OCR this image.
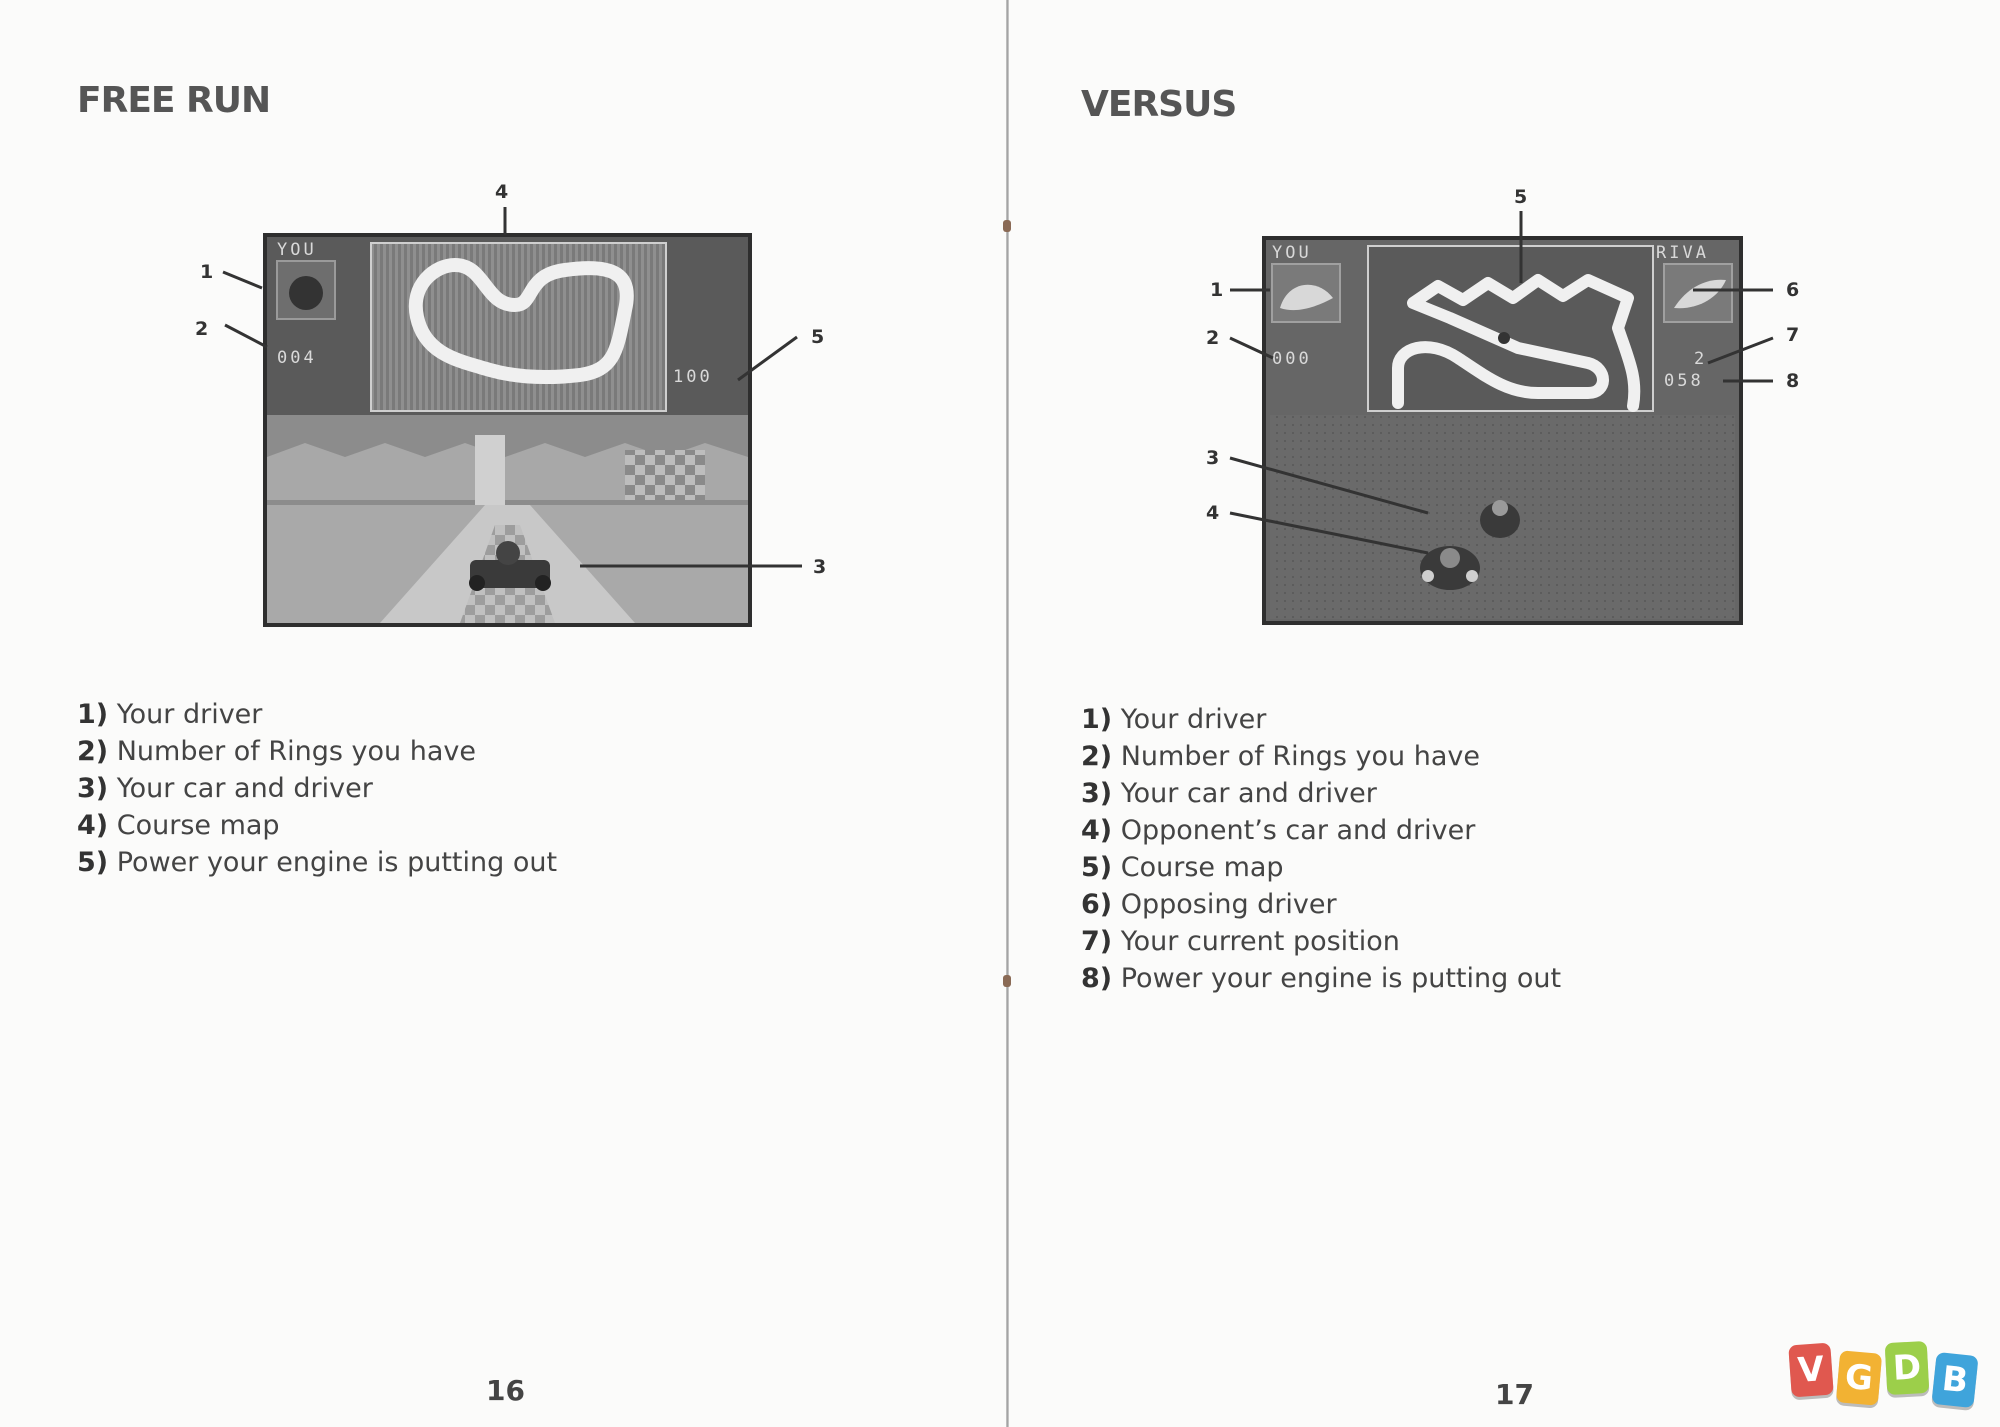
FREE RUN
YOU
004
100
1
2
3
4
5
1) Your driver
2) Number of Rings you have
3) Your car and driver
4) Course map
5) Power your engine is putting out
16
VERSUS
YOU	RIVA
000	2
058
1
2
3
4
5
6
7
8
1) Your driver
2) Number of Rings you have
3) Your car and driver
4) Opponent’s car and driver
5) Course map
6) Opposing driver
7) Your current position
8) Power your engine is putting out
17
V G D B
